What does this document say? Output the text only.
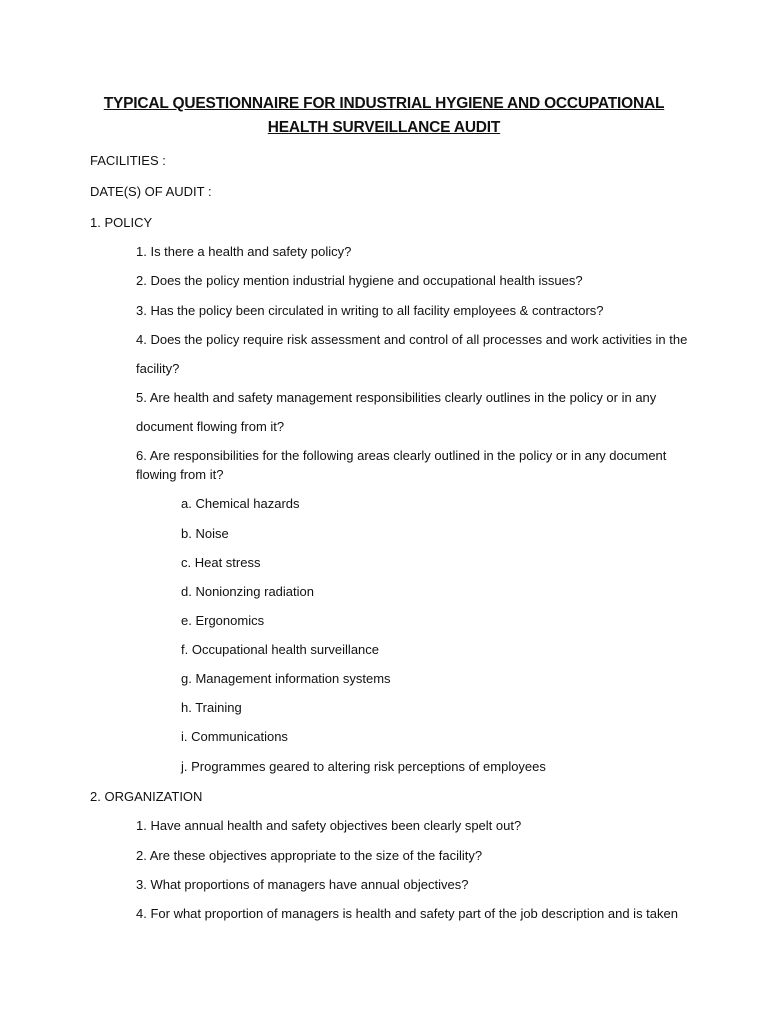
TYPICAL QUESTIONNAIRE FOR INDUSTRIAL HYGIENE AND OCCUPATIONAL

HEALTH SURVEILLANCE AUDIT

FACILITIES :

DATE(S) OF AUDIT :

1. POLICY

1. Is there a health and safety policy?

2. Does the policy mention industrial hygiene and occupational health issues?

3. Has the policy been circulated in writing to all facility employees & contractors?

4. Does the policy require risk assessment and control of all processes and work activities in the

facility?

5. Are health and safety management responsibilities clearly outlines in the policy or in any

document flowing from it?

6. Are responsibilities for the following areas clearly outlined in the policy or in any document

flowing from it?

a. Chemical hazards

b. Noise

c. Heat stress

d. Nonionzing radiation

e. Ergonomics

f. Occupational health surveillance

g. Management information systems

h. Training

i. Communications

j. Programmes geared to altering risk perceptions of employees

2. ORGANIZATION

1. Have annual health and safety objectives been clearly spelt out?

2. Are these objectives appropriate to the size of the facility?

3. What proportions of managers have annual objectives?

4. For what proportion of managers is health and safety part of the job description and is taken
